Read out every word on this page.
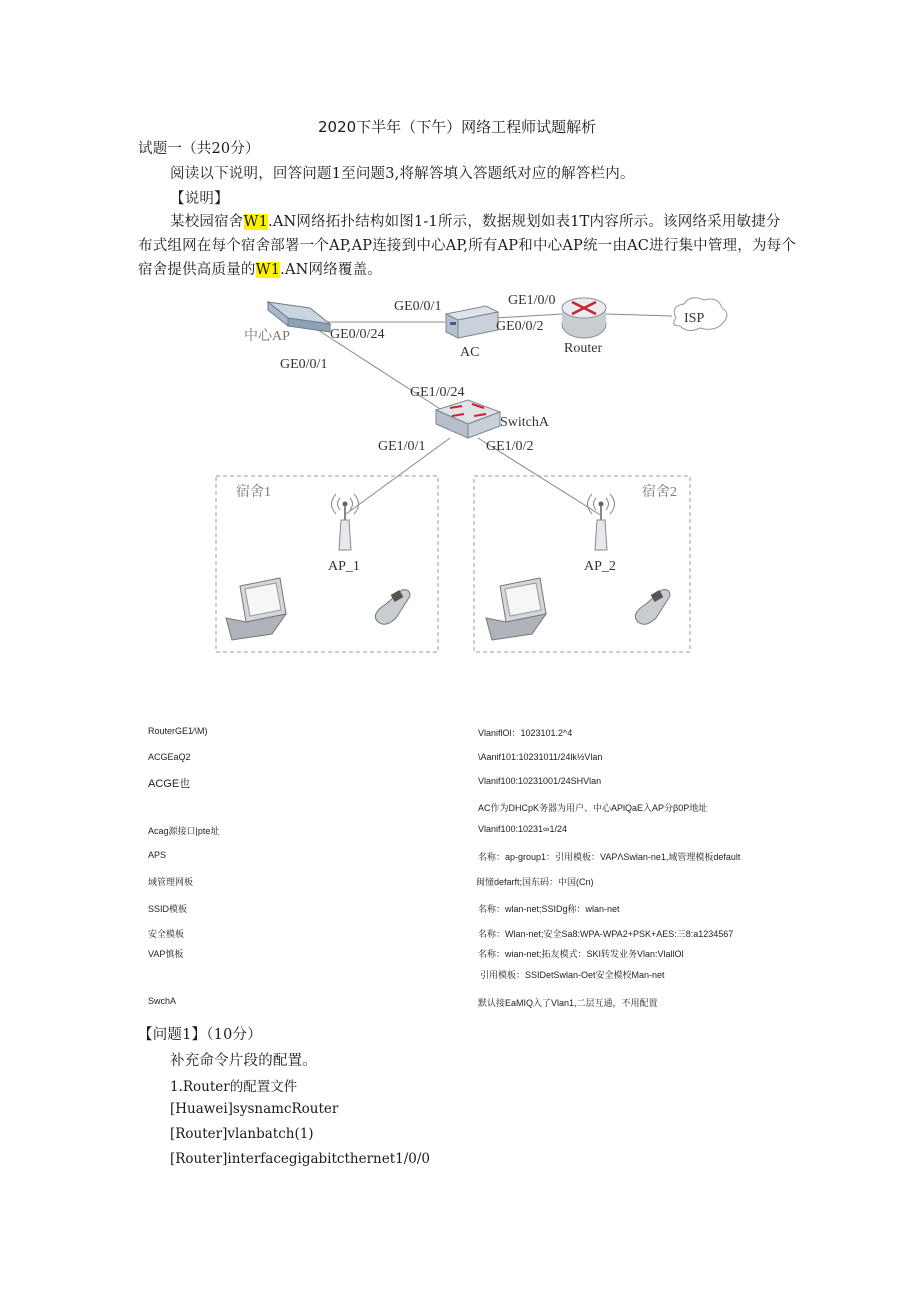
2020下半年（下午）网络工程师试题解析
试题一（共20分）
阅读以下说明，回答问题1至问题3,将解答填入答题纸对应的解答栏内。
【说明】
某校园宿舍W1.AN网络拓扑结构如图1-1所示，数据规划如表1T内容所示。该网络采用敏捷分
布式组网在每个宿舍部署一个AP,AP连接到中心AP,所有AP和中心AP统一由AC进行集中管理，为每个
宿舍提供高质量的W1.AN网络覆盖。
中心AP	GE0/0/24
GE0/0/1
GE0/0/1
AC
GE0/0/2
GE1/0/0
Router
ISP
GE1/0/24
SwitchA
GE1/0/1	GE1/0/2
宿舍1
AP_1
宿舍2
AP_2
RouterGE1⁄\M)
ACGEaQ2
ACGE也
Acag源接口|pte址
APS
域管理网板
SSID模板
安全模板
VAP慎板
SwchA
VlaniflOl：1023101.2^4
\Aanif101:10231011/24lk½Vlan
Vlanif100:10231001/24SHVlan
AC作为DHCpK务器为用户、中心APlQaE入AP分β0P地址
Vlanif100:10231∞1/24
名称：ap-group1：引用模板：VAPΛSwlan-ne1,域管理模板default
闽憧defarft;国东码：中国(Cn)
名称：wlan-net;SSIDg称：wlan-net
名称：Wlan-net;安全Sa8:WPA-WPA2+PSK+AES:三8:a1234567
名称：wian-net;拓友模式：SKI转发业务Vlan:VlallOl
引用模板：SSIDetSwlan-Oet安全模校Man-net
默认接EaMIQ入了Vlan1,二层互通，不用配置
【问题1】（10分）
补充命令片段的配置。
1.Router的配置文件
[Huawei]sysnamcRouter
[Router]vlanbatch(1)
[Router]interfacegigabitcthernet1/0/0
